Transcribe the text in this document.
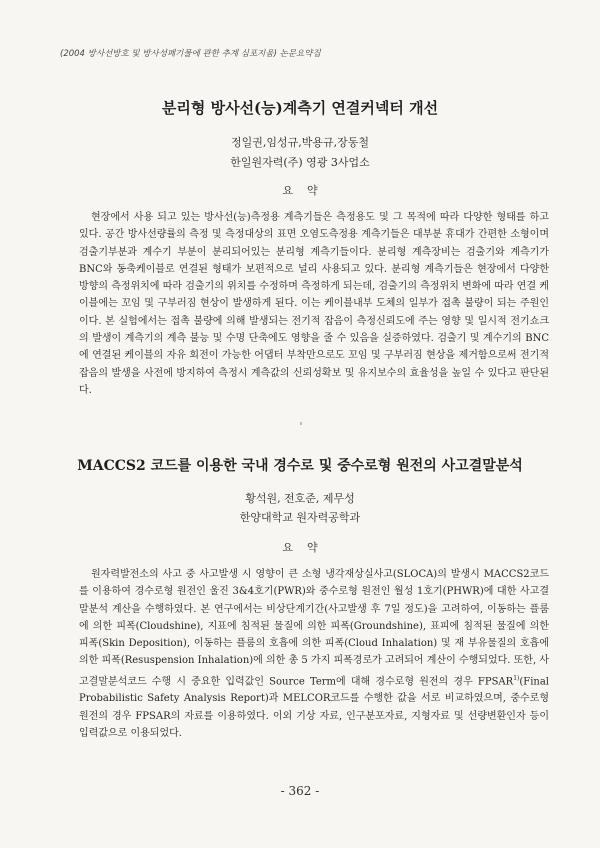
(2004 방사선방호 및 방사성폐기물에 관한 추계 심포지움) 논문요약집
분리형 방사선(능)계측기 연결커넥터 개선
정일권,임성규,박용규,장동철
한일원자력(주) 영광 3사업소
요    약

현장에서 사용 되고 있는 방사선(능)측정용 계측기들은 측정용도 및 그 목적에 따라 다양한 형태를 하고 있다. 공간 방사선량률의 측정 및 측정대상의 표면 오염도측정용 계측기들은 대부분 휴대가 간편한 소형이며 검출기부분과 계수기 부분이 분리되어있는 분리형 계측기들이다. 분리형 계측장비는 검출기와 계측기가 BNC와 동축케이블로 연결된 형태가 보편적으로 널리 사용되고 있다. 분리형 계측기들은 현장에서 다양한 방향의 측정위치에 따라 검출기의 위치를 수정하며 측정하게 되는데, 검출기의 측정위치 변화에 따라 연결 케이블에는 꼬임 및 구부러짐 현상이 발생하게 된다. 이는 케이블내부 도체의 일부가 접촉 불량이 되는 주원인이다. 본 실험에서는 접촉 불량에 의해 발생되는 전기적 잡음이 측정신뢰도에 주는 영향 및 일시적 전기쇼크의 발생이 계측기의 계측 불능 및 수명 단축에도 영향을 줄 수 있음을 실증하였다. 검출기 및 계수기의 BNC에 연결된 케이블의 자유 회전이 가능한 어댑터 부착만으로도 꼬임 및 구부러짐 현상을 제거함으로써 전기적 잡음의 발생을 사전에 방지하여 측정시 계측값의 신뢰성확보 및 유지보수의 효율성을 높일 수 있다고 판단된다.

MACCS2 코드를 이용한 국내 경수로 및 중수로형 원전의 사고결말분석
황석원, 전호준, 제무성
한양대학교 원자력공학과
요    약

원자력발전소의 사고 중 사고발생 시 영향이 큰 소형 냉각재상실사고(SLOCA)의 발생시 MACCS2코드를 이용하여 경수로형 원전인 울진 3&4호기(PWR)와 중수로형 원전인 월성 1호기(PHWR)에 대한 사고결말분석 계산을 수행하였다. 본 연구에서는 비상단계기간(사고발생 후 7일 정도)을 고려하여, 이동하는 플룸에 의한 피폭(Cloudshine), 지표에 침적된 물질에 의한 피폭(Groundshine), 표피에 침적된 물질에 의한 피폭(Skin Deposition), 이동하는 플룸의 호흡에 의한 피폭(Cloud Inhalation) 및 재 부유물질의 호흡에 의한 피폭(Resuspension Inhalation)에 의한 총 5 가지 피폭경로가 고려되어 계산이 수행되었다. 또한, 사고결말분석코드 수행 시 중요한 입력값인 Source Term에 대해 경수로형 원전의 경우 FPSAR$^{1)}$(Final Probabilistic Safety Analysis Report)과 MELCOR코드를 수행한 값을 서로 비교하였으며, 중수로형 원전의 경우 FPSAR의 자료를 이용하였다. 이외 기상 자료, 인구분포자료, 지형자료 및 선량변환인자 등이 입력값으로 이용되었다.

- 362 -
